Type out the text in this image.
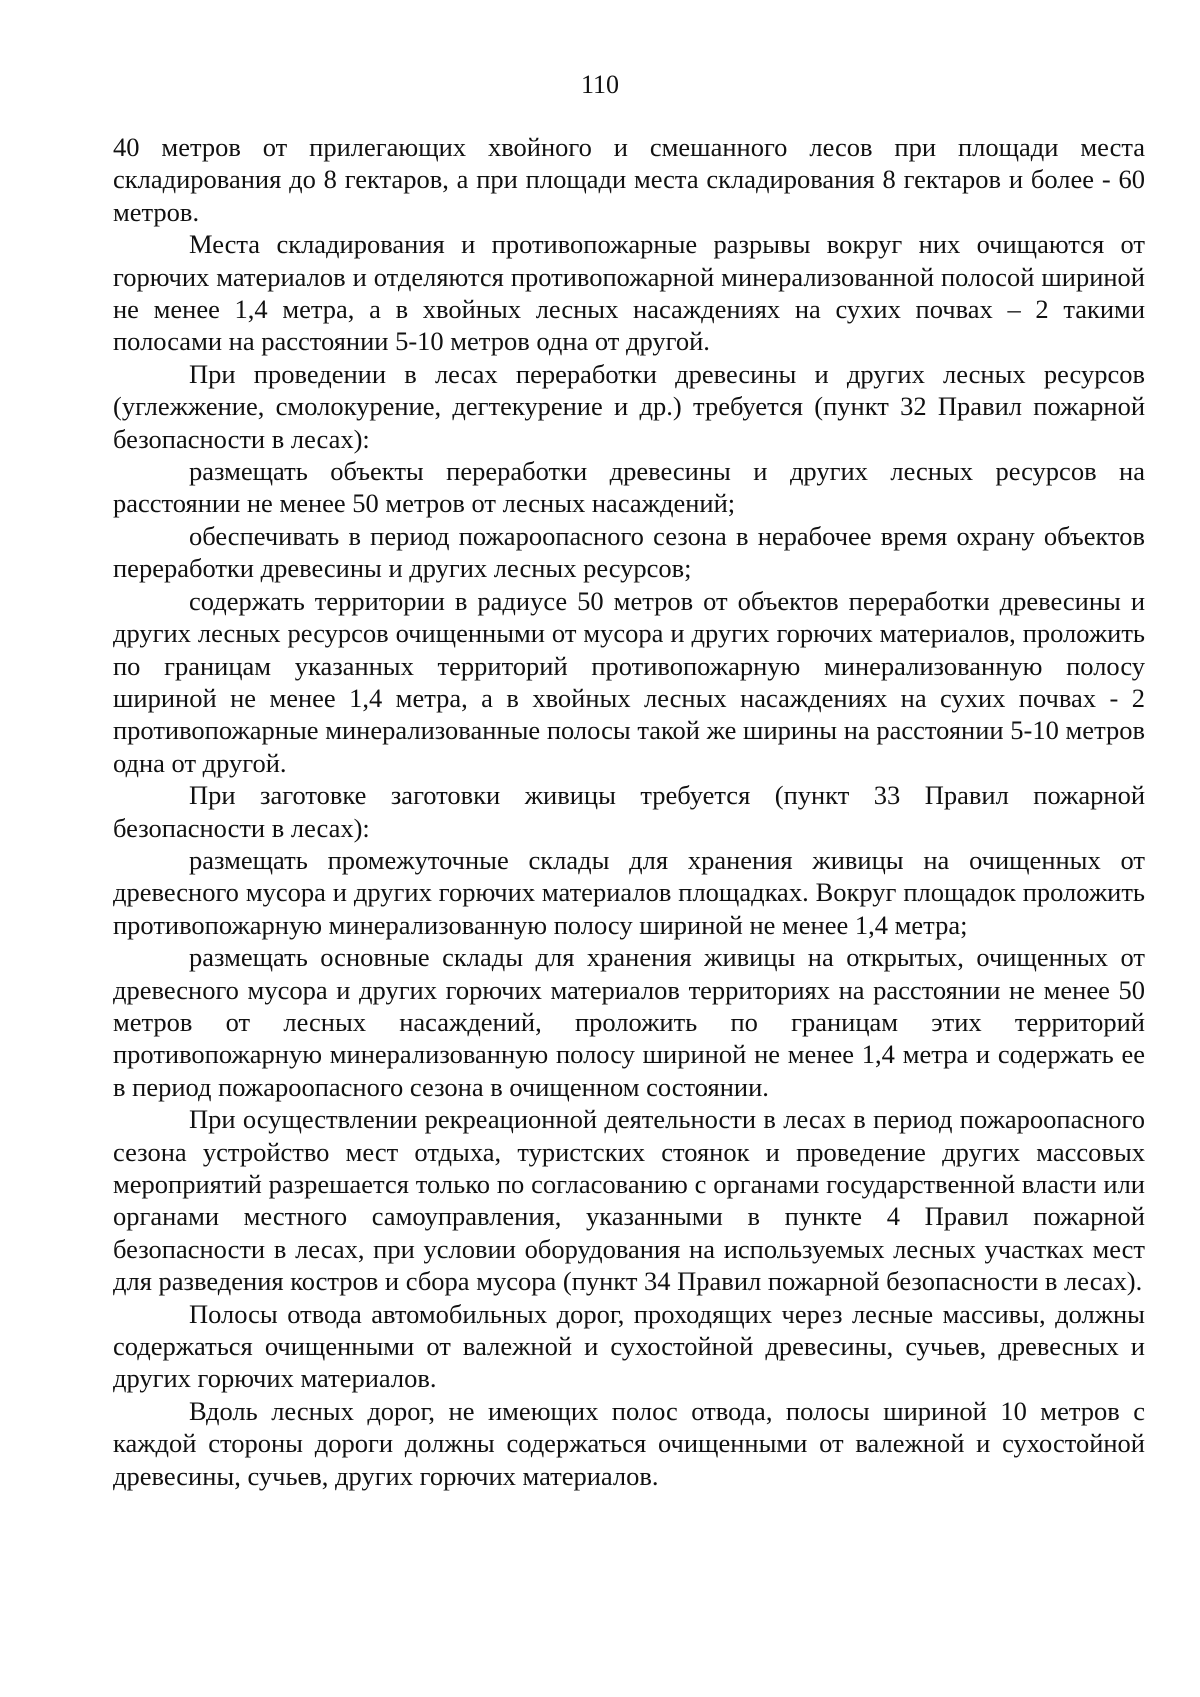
110

40 метров от прилегающих хвойного и смешанного лесов при площади места складирования до 8 гектаров, а при площади места складирования 8 гектаров и более - 60 метров.

Места складирования и противопожарные разрывы вокруг них очищаются от горючих материалов и отделяются противопожарной минерализованной полосой шириной не менее 1,4 метра, а в хвойных лесных насаждениях на сухих почвах – 2 такими полосами на расстоянии 5-10 метров одна от другой.

При проведении в лесах переработки древесины и других лесных ресурсов (углежжение, смолокурение, дегтекурение и др.) требуется (пункт 32 Правил пожарной безопасности в лесах):

размещать объекты переработки древесины и других лесных ресурсов на расстоянии не менее 50 метров от лесных насаждений;

обеспечивать в период пожароопасного сезона в нерабочее время охрану объектов переработки древесины и других лесных ресурсов;

содержать территории в радиусе 50 метров от объектов переработки древесины и других лесных ресурсов очищенными от мусора и других горючих материалов, проложить по границам указанных территорий противопожарную минерализованную полосу шириной не менее 1,4 метра, а в хвойных лесных насаждениях на сухих почвах - 2 противопожарные минерализованные полосы такой же ширины на расстоянии 5-10 метров одна от другой.

При заготовке заготовки живицы требуется (пункт 33 Правил пожарной безопасности в лесах):

размещать промежуточные склады для хранения живицы на очищенных от древесного мусора и других горючих материалов площадках. Вокруг площадок проложить противопожарную минерализованную полосу шириной не менее 1,4 метра;

размещать основные склады для хранения живицы на открытых, очищенных от древесного мусора и других горючих материалов территориях на расстоянии не менее 50 метров от лесных насаждений, проложить по границам этих территорий противопожарную минерализованную полосу шириной не менее 1,4 метра и содержать ее в период пожароопасного сезона в очищенном состоянии.

При осуществлении рекреационной деятельности в лесах в период пожароопасного сезона устройство мест отдыха, туристских стоянок и проведение других массовых мероприятий разрешается только по согласованию с органами государственной власти или органами местного самоуправления, указанными в пункте 4 Правил пожарной безопасности в лесах, при условии оборудования на используемых лесных участках мест для разведения костров и сбора мусора (пункт 34 Правил пожарной безопасности в лесах).

Полосы отвода автомобильных дорог, проходящих через лесные массивы, должны содержаться очищенными от валежной и сухостойной древесины, сучьев, древесных и других горючих материалов.

Вдоль лесных дорог, не имеющих полос отвода, полосы шириной 10 метров с каждой стороны дороги должны содержаться очищенными от валежной и сухостойной древесины, сучьев, других горючих материалов.
